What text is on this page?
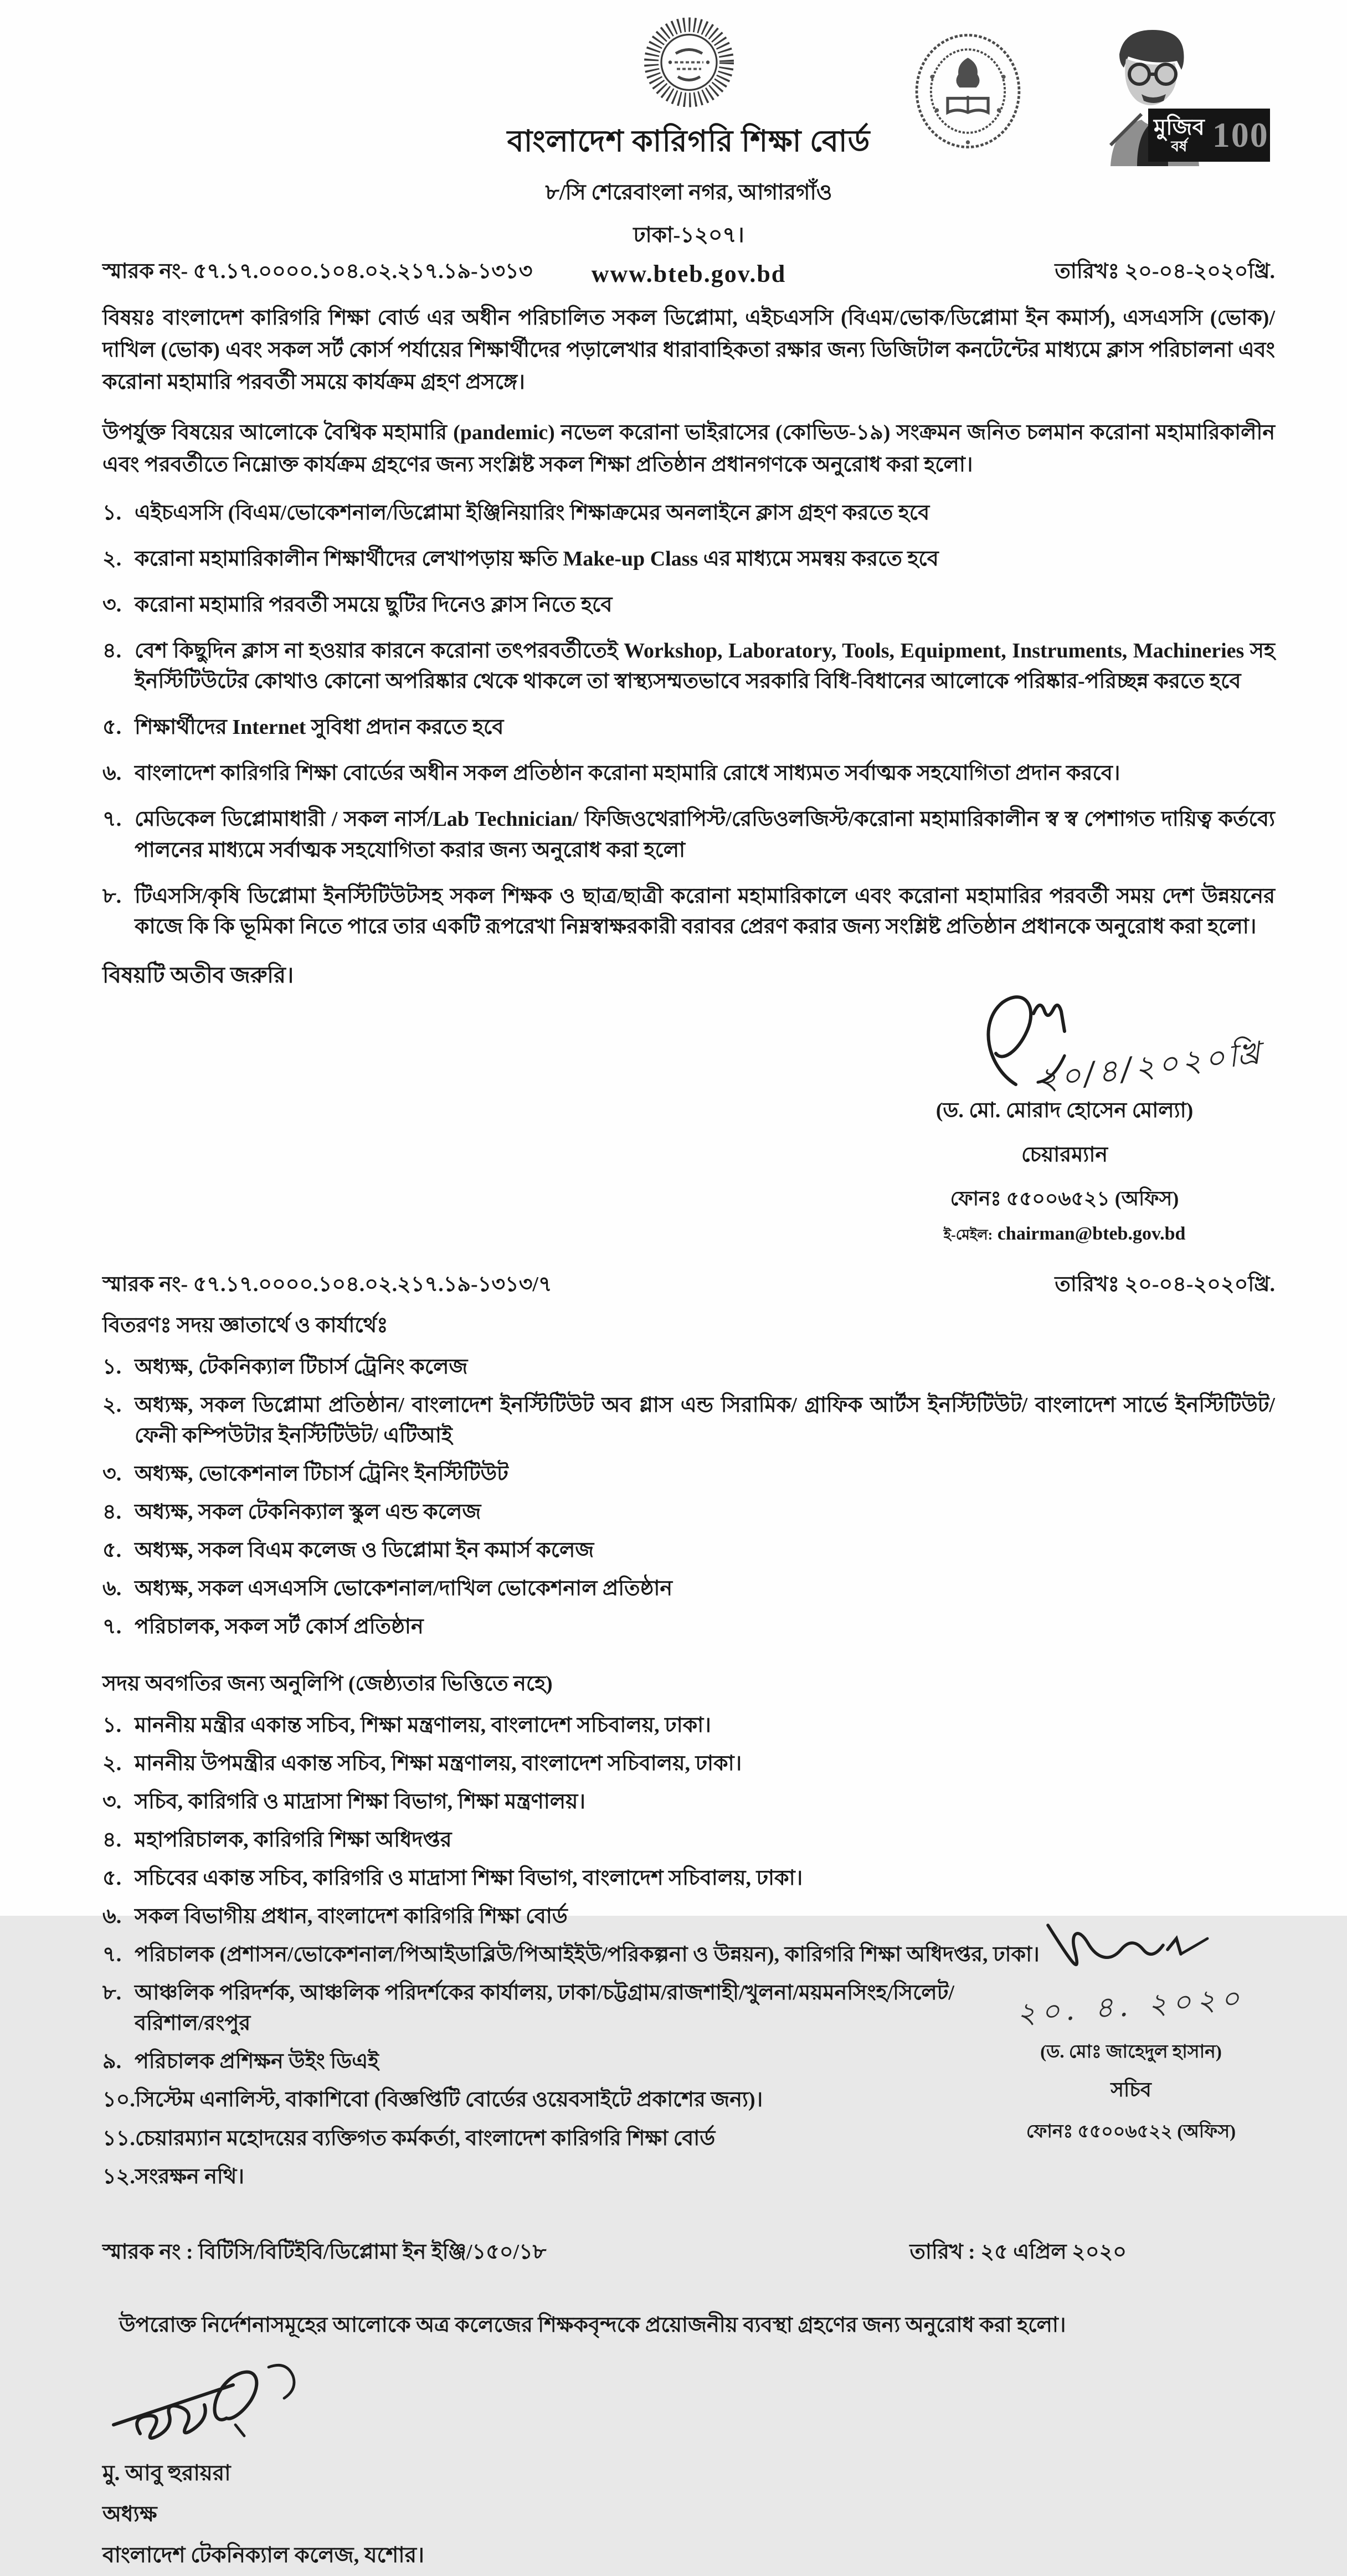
বাংলাদেশ কারিগরি শিক্ষা বোর্ড
৮/সি শেরেবাংলা নগর, আগারগাঁও
ঢাকা-১২০৭।
www.bteb.gov.bd
মুজিব
বর্ষ 100
স্মারক নং- ৫৭.১৭.০০০০.১০৪.০২.২১৭.১৯-১৩১৩	তারিখঃ ২০-০৪-২০২০খ্রি.
বিষয়ঃ বাংলাদেশ কারিগরি শিক্ষা বোর্ড এর অধীন পরিচালিত সকল ডিপ্লোমা, এইচএসসি (বিএম/ভোক/ডিপ্লোমা ইন কমার্স), এসএসসি (ভোক)/দাখিল (ভোক) এবং সকল সর্ট কোর্স পর্যায়ের শিক্ষার্থীদের পড়ালেখার ধারাবাহিকতা রক্ষার জন্য ডিজিটাল কনটেন্টের মাধ্যমে ক্লাস পরিচালনা এবং করোনা মহামারি পরবর্তী সময়ে কার্যক্রম গ্রহণ প্রসঙ্গে।
উপর্যুক্ত বিষয়ের আলোকে বৈশ্বিক মহামারি (pandemic) নভেল করোনা ভাইরাসের (কোভিড-১৯) সংক্রমন জনিত চলমান করোনা মহামারিকালীন এবং পরবর্তীতে নিম্নোক্ত কার্যক্রম গ্রহণের জন্য সংশ্লিষ্ট সকল শিক্ষা প্রতিষ্ঠান প্রধানগণকে অনুরোধ করা হলো।
১. এইচএসসি (বিএম/ভোকেশনাল/ডিপ্লোমা ইঞ্জিনিয়ারিং শিক্ষাক্রমের অনলাইনে ক্লাস গ্রহণ করতে হবে
২. করোনা মহামারিকালীন শিক্ষার্থীদের লেখাপড়ায় ক্ষতি Make-up Class এর মাধ্যমে সমন্বয় করতে হবে
৩. করোনা মহামারি পরবর্তী সময়ে ছুটির দিনেও ক্লাস নিতে হবে
৪. বেশ কিছুদিন ক্লাস না হওয়ার কারনে করোনা তৎপরবর্তীতেই Workshop, Laboratory, Tools, Equipment, Instruments, Machineries সহ ইনস্টিটিউটের কোথাও কোনো অপরিষ্কার থেকে থাকলে তা স্বাস্থ্যসম্মতভাবে সরকারি বিধি-বিধানের আলোকে পরিষ্কার-পরিচ্ছন্ন করতে হবে
৫. শিক্ষার্থীদের Internet সুবিধা প্রদান করতে হবে
৬. বাংলাদেশ কারিগরি শিক্ষা বোর্ডের অধীন সকল প্রতিষ্ঠান করোনা মহামারি রোধে সাধ্যমত সর্বাত্মক সহযোগিতা প্রদান করবে।
৭. মেডিকেল ডিপ্লোমাধারী / সকল নার্স/Lab Technician/ ফিজিওথেরাপিস্ট/রেডিওলজিস্ট/করোনা মহামারিকালীন স্ব স্ব পেশাগত দায়িত্ব কর্তব্যে পালনের মাধ্যমে সর্বাত্মক সহযোগিতা করার জন্য অনুরোধ করা হলো
৮. টিএসসি/কৃষি ডিপ্লোমা ইনস্টিটিউটসহ সকল শিক্ষক ও ছাত্র/ছাত্রী করোনা মহামারিকালে এবং করোনা মহামারির পরবর্তী সময় দেশ উন্নয়নের কাজে কি কি ভূমিকা নিতে পারে তার একটি রূপরেখা নিম্নস্বাক্ষরকারী বরাবর প্রেরণ করার জন্য সংশ্লিষ্ট প্রতিষ্ঠান প্রধানকে অনুরোধ করা হলো।
বিষয়টি অতীব জরুরি।
২০/৪/২০২০খ্রি
(ড. মো. মোরাদ হোসেন মোল্যা)
চেয়ারম্যান
ফোনঃ ৫৫০০৬৫২১ (অফিস)
ই-মেইল: chairman@bteb.gov.bd
স্মারক নং- ৫৭.১৭.০০০০.১০৪.০২.২১৭.১৯-১৩১৩/৭	তারিখঃ ২০-০৪-২০২০খ্রি.
বিতরণঃ সদয় জ্ঞাতার্থে ও কার্যার্থেঃ
১. অধ্যক্ষ, টেকনিক্যাল টিচার্স ট্রেনিং কলেজ
২. অধ্যক্ষ, সকল ডিপ্লোমা প্রতিষ্ঠান/ বাংলাদেশ ইনস্টিটিউট অব গ্লাস এন্ড সিরামিক/ গ্রাফিক আর্টস ইনস্টিটিউট/ বাংলাদেশ সার্ভে ইনস্টিটিউট/ ফেনী কম্পিউটার ইনস্টিটিউট/ এটিআই
৩. অধ্যক্ষ, ভোকেশনাল টিচার্স ট্রেনিং ইনস্টিটিউট
৪. অধ্যক্ষ, সকল টেকনিক্যাল স্কুল এন্ড কলেজ
৫. অধ্যক্ষ, সকল বিএম কলেজ ও ডিপ্লোমা ইন কমার্স কলেজ
৬. অধ্যক্ষ, সকল এসএসসি ভোকেশনাল/দাখিল ভোকেশনাল প্রতিষ্ঠান
৭. পরিচালক, সকল সর্ট কোর্স প্রতিষ্ঠান
সদয় অবগতির জন্য অনুলিপি (জেষ্ঠ্যতার ভিত্তিতে নহে)
১. মাননীয় মন্ত্রীর একান্ত সচিব, শিক্ষা মন্ত্রণালয়, বাংলাদেশ সচিবালয়, ঢাকা।
২. মাননীয় উপমন্ত্রীর একান্ত সচিব, শিক্ষা মন্ত্রণালয়, বাংলাদেশ সচিবালয়, ঢাকা।
৩. সচিব, কারিগরি ও মাদ্রাসা শিক্ষা বিভাগ, শিক্ষা মন্ত্রণালয়।
৪. মহাপরিচালক, কারিগরি শিক্ষা অধিদপ্তর
৫. সচিবের একান্ত সচিব, কারিগরি ও মাদ্রাসা শিক্ষা বিভাগ, বাংলাদেশ সচিবালয়, ঢাকা।
৬. সকল বিভাগীয় প্রধান, বাংলাদেশ কারিগরি শিক্ষা বোর্ড
৭. পরিচালক (প্রশাসন/ভোকেশনাল/পিআইডাব্লিউ/পিআইইউ/পরিকল্পনা ও উন্নয়ন), কারিগরি শিক্ষা অধিদপ্তর, ঢাকা।
৮. আঞ্চলিক পরিদর্শক, আঞ্চলিক পরিদর্শকের কার্যালয়, ঢাকা/চট্টগ্রাম/রাজশাহী/খুলনা/ময়মনসিংহ/সিলেট/বরিশাল/রংপুর
৯. পরিচালক প্রশিক্ষন উইং ডিএই
১০. সিস্টেম এনালিস্ট, বাকাশিবো (বিজ্ঞপ্তিটি বোর্ডের ওয়েবসাইটে প্রকাশের জন্য)।
১১. চেয়ারম্যান মহোদয়ের ব্যক্তিগত কর্মকর্তা, বাংলাদেশ কারিগরি শিক্ষা বোর্ড
১২. সংরক্ষন নথি।
২০. ৪. ২০২০
(ড. মোঃ জাহেদুল হাসান)
সচিব
ফোনঃ ৫৫০০৬৫২২ (অফিস)
স্মারক নং : বিটিসি/বিটিইবি/ডিপ্লোমা ইন ইঞ্জি/১৫০/১৮	তারিখ : ২৫ এপ্রিল ২০২০
উপরোক্ত নির্দেশনাসমূহের আলোকে অত্র কলেজের শিক্ষকবৃন্দকে প্রয়োজনীয় ব্যবস্থা গ্রহণের জন্য অনুরোধ করা হলো।
মু. আবু হুরায়রা
অধ্যক্ষ
বাংলাদেশ টেকনিক্যাল কলেজ, যশোর।
